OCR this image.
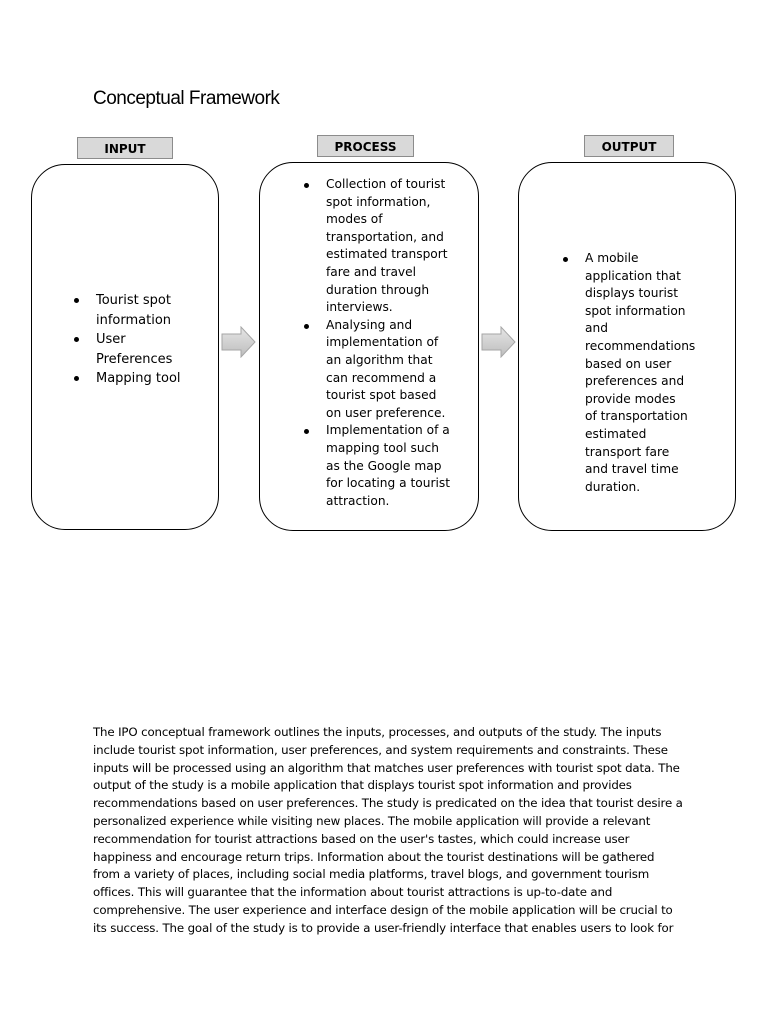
Conceptual Framework
INPUT
Tourist spot information
User Preferences
Mapping tool
PROCESS
Collection of tourist spot information, modes of transportation, and estimated transport fare and travel duration through interviews.
Analysing and implementation of an algorithm that can recommend a tourist spot based on user preference.
Implementation of a mapping tool such as the Google map for locating a tourist attraction.
OUTPUT
A mobile application that displays tourist spot information and recommendations based on user preferences and provide modes of transportation estimated transport fare and travel time duration.

The IPO conceptual framework outlines the inputs, processes, and outputs of the study. The inputs include tourist spot information, user preferences, and system requirements and constraints. These inputs will be processed using an algorithm that matches user preferences with tourist spot data. The output of the study is a mobile application that displays tourist spot information and provides recommendations based on user preferences. The study is predicated on the idea that tourist desire a personalized experience while visiting new places. The mobile application will provide a relevant recommendation for tourist attractions based on the user's tastes, which could increase user happiness and encourage return trips. Information about the tourist destinations will be gathered from a variety of places, including social media platforms, travel blogs, and government tourism offices. This will guarantee that the information about tourist attractions is up-to-date and comprehensive. The user experience and interface design of the mobile application will be crucial to its success. The goal of the study is to provide a user-friendly interface that enables users to look for
